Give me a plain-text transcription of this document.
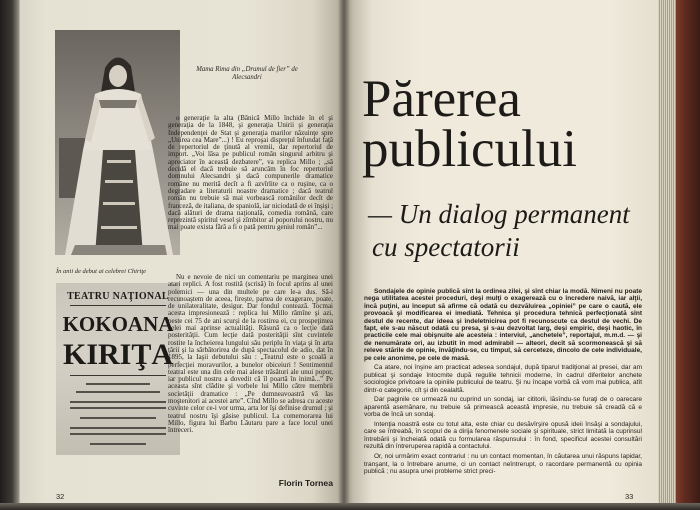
Mama Rima din „Drumul de fier” de Alecsandri
În anii de debut ai celebrei Chiriţe
TEATRU NAŢIONAL
KOKOANA
KIRIŢA
o generaţie la alta (Bănică Millo închide în el şi generaţia de la 1848, şi generaţia Unirii şi generaţia Independenţei de Stat şi generaţia marilor năzuinţe spre „Unirea cea Mare”...) ! Eu reproşai dispreţul înfundat faţă de repertoriul de ţinută al vremii, dar repertoriul de import. „Voi lăsa pe publicul român singurul arbitru şi apreciator în această dezbatere”, va replica Millo ; „să decidă el dacă trebuie să aruncăm în foc repertoriul domnului Alecsandri şi dacă compunerile dramatice române nu merită decît a fi azvîrlite ca o ruşine, ca o degradare a literaturii noastre dramatice ; dacă teatrul român nu trebuie să mai vorbească românilor decît de franceză, de italiana, de spaniolă, iar niciodată de ei înşişi ; dacă alături de drama naţională, comedia română, care reprezintă spiritul vesel şi zîmbitor al poporului nostru, nu mai poate exista fără a fi o pată pentru geniul român”...
Nu e nevoie de nici un comentariu pe marginea unei atari replici. A fost rostită (scrisă) în focul aprins al unei polemici — una din multele pe care le-a dus. Să-i recunoaştem de aceea, fireşte, partea de exagerare, poate, de unilateralitate, desigur. Dar fondul contează. Tocmai acesta impresionează : replica lui Millo rămîne şi azi, peste cei 75 de ani scurşi de la rostirea ei, cu prospeţimea celei mai aprinse actualităţi. Răsună ca o lecţie dată posterităţii. Cum lecţie dată posterităţii sînt cuvintele rostite la încheierea lungului său periplu în viaţa şi în arta ţării şi la sărbătorirea de după spectacolul de adio, dat în 1895, la Iaşii debutului său : „Teatrul este o şcoală a perfecţiei moravurilor, a bunelor obiceiuri ! Sentimentul teatral este una din cele mai alese trăsături ale unui popor, iar publicul nostru a dovedit că îl poartă în inimă...” Pe aceasta sînt clădite şi vorbele lui Millo către membrii societăţii dramatice : „Pe dumneavoastră vă las moştenitori ai acestei arte”. Cînd Millo se adresa cu aceste cuvinte celor ce-i vor urma, arta lor îşi definise drumul ; şi teatrul nostru îşi găsise publicul. La comemorarea lui Millo, figura lui Barbu Lăutaru pare a face locul unei întreceri.
Florin Tornea
32
Părerea
publicului
— Un dialog permanent
cu spectatorii

Sondajele de opinie publică sînt la ordinea zilei, şi sînt chiar la modă. Nimeni nu poate nega utilitatea acestei proceduri, deşi mulţi o exagerează cu o încredere naivă, iar alţii, încă puţini, au început să afirme că odată cu dezvăluirea „opiniei” pe care o caută, ele provoacă şi modificarea ei imediată. Tehnica şi procedura tehnică perfecţionată sînt destul de recente, dar ideea şi îndeletnicirea pot fi recunoscute ca destul de vechi. De fapt, ele s-au născut odată cu presa, şi s-au dezvoltat larg, deşi empiric, deşi haotic, în practicile cele mai obişnuite ale acesteia : interviul, „anchetele”, reportajul, m.m.d. — şi de nenumărate ori, au izbutit în mod admirabil — alteori, decît să scormonească şi să releve stările de opinie, învăţîndu-se, cu timpul, să cerceteze, dincolo de cele individuale, pe cele anonime, pe cele de masă.

Ca atare, noi înşine am practicat adesea sondajul, după tiparul tradiţional al presei, dar am publicat şi sondaje întocmite după regulile tehnicii moderne, în cadrul diferitelor anchete sociologice privitoare la opiniile publicului de teatru. Şi nu încape vorbă că vom mai publica, atît dintr-o categorie, cît şi din cealaltă.

Dar paginile ce urmează nu cuprind un sondaj, iar cititorii, lăsîndu-se furaţi de o oarecare aparentă asemănare, nu trebuie să primească această impresie, nu trebuie să creadă că e vorba de încă un sondaj.

Intenţia noastră este cu totul alta, este chiar cu desăvîrşire opusă ideii însăşi a sondajului, care se întreabă, în scopul de a dirija fenomenele sociale şi spirituale, strict limitată la cuprinsul întrebării şi încheiată odată cu formularea răspunsului : în fond, specificul acestei consultări rezultă din întreruperea rapidă a contactului.

Or, noi urmărim exact contrariul : nu un contact momentan, în căutarea unui răspuns lapidar, tranşant, la o întrebare anume, ci un contact neîntrerupt, o racordare permanentă cu opinia publică ; nu asupra unei probleme strict preci-

33
